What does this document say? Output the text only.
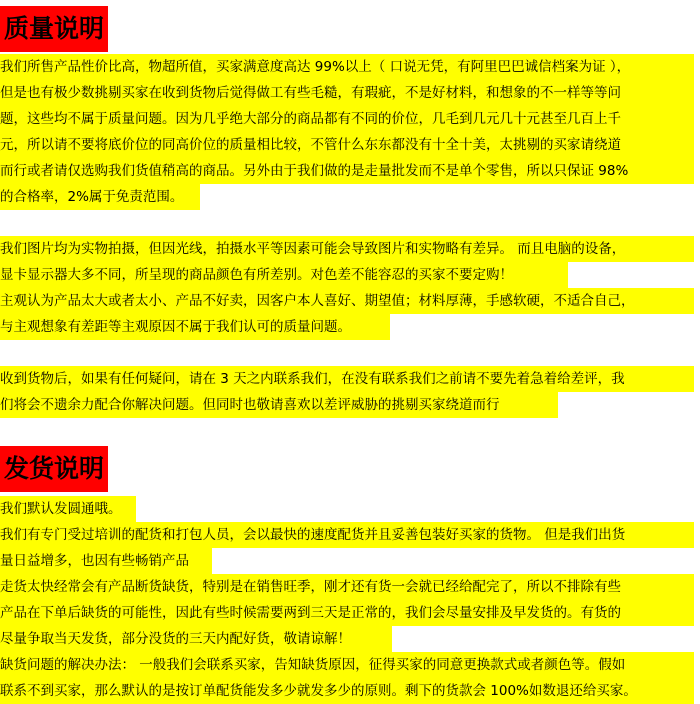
质量说明
我们所售产品性价比高，物超所值，买家满意度高达 99%以上（ 口说无凭，有阿里巴巴诚信档案为证 ），
但是也有极少数挑剔买家在收到货物后觉得做工有些毛糙，有瑕疵，不是好材料，和想象的不一样等等问
题，这些均不属于质量问题。因为几乎绝大部分的商品都有不同的价位，几毛到几元几十元甚至几百上千
元，所以请不要将底价位的同高价位的质量相比较，不管什么东东都没有十全十美，太挑剔的买家请绕道
而行或者请仅选购我们货值稍高的商品。另外由于我们做的是走量批发而不是单个零售，所以只保证 98%
的合格率，2%属于免责范围。
我们图片均为实物拍摄，但因光线，拍摄水平等因素可能会导致图片和实物略有差异。 而且电脑的设备，
显卡显示器大多不同，所呈现的商品颜色有所差别。对色差不能容忍的买家不要定购！
主观认为产品太大或者太小、产品不好卖，因客户本人喜好、期望值；材料厚薄，手感软硬，不适合自己，
与主观想象有差距等主观原因不属于我们认可的质量问题。
收到货物后，如果有任何疑问，请在 3 天之内联系我们，在没有联系我们之前请不要先着急着给差评，我
们将会不遗余力配合你解决问题。但同时也敬请喜欢以差评威胁的挑剔买家绕道而行
发货说明
我们默认发圆通哦。
我们有专门受过培训的配货和打包人员，会以最快的速度配货并且妥善包装好买家的货物。 但是我们出货
量日益增多，也因有些畅销产品
走货太快经常会有产品断货缺货，特别是在销售旺季，刚才还有货一会就已经给配完了，所以不排除有些
产品在下单后缺货的可能性，因此有些时候需要两到三天是正常的，我们会尽量安排及早发货的。有货的
尽量争取当天发货，部分没货的三天内配好货，敬请谅解！
缺货问题的解决办法： 一般我们会联系买家，告知缺货原因，征得买家的同意更换款式或者颜色等。假如
联系不到买家，那么默认的是按订单配货能发多少就发多少的原则。剩下的货款会 100%如数退还给买家。
